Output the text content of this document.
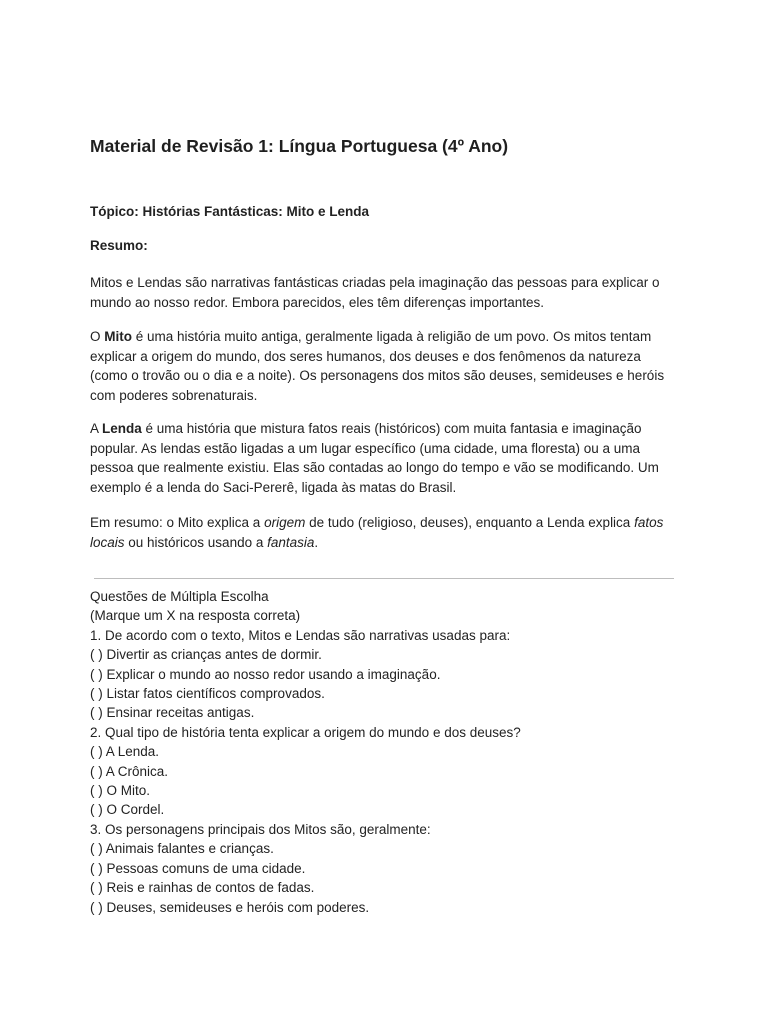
Material de Revisão 1: Língua Portuguesa (4º Ano)
Tópico: Histórias Fantásticas: Mito e Lenda
Resumo:

Mitos e Lendas são narrativas fantásticas criadas pela imaginação das pessoas para explicar o mundo ao nosso redor. Embora parecidos, eles têm diferenças importantes.

O Mito é uma história muito antiga, geralmente ligada à religião de um povo. Os mitos tentam explicar a origem do mundo, dos seres humanos, dos deuses e dos fenômenos da natureza (como o trovão ou o dia e a noite). Os personagens dos mitos são deuses, semideuses e heróis com poderes sobrenaturais.

A Lenda é uma história que mistura fatos reais (históricos) com muita fantasia e imaginação popular. As lendas estão ligadas a um lugar específico (uma cidade, uma floresta) ou a uma pessoa que realmente existiu. Elas são contadas ao longo do tempo e vão se modificando. Um exemplo é a lenda do Saci-Pererê, ligada às matas do Brasil.

Em resumo: o Mito explica a origem de tudo (religioso, deuses), enquanto a Lenda explica fatos locais ou históricos usando a fantasia.

Questões de Múltipla Escolha
(Marque um X na resposta correta)
1. De acordo com o texto, Mitos e Lendas são narrativas usadas para:
( ) Divertir as crianças antes de dormir.
( ) Explicar o mundo ao nosso redor usando a imaginação.
( ) Listar fatos científicos comprovados.
( ) Ensinar receitas antigas.
2. Qual tipo de história tenta explicar a origem do mundo e dos deuses?
( ) A Lenda.
( ) A Crônica.
( ) O Mito.
( ) O Cordel.
3. Os personagens principais dos Mitos são, geralmente:
( ) Animais falantes e crianças.
( ) Pessoas comuns de uma cidade.
( ) Reis e rainhas de contos de fadas.
( ) Deuses, semideuses e heróis com poderes.
